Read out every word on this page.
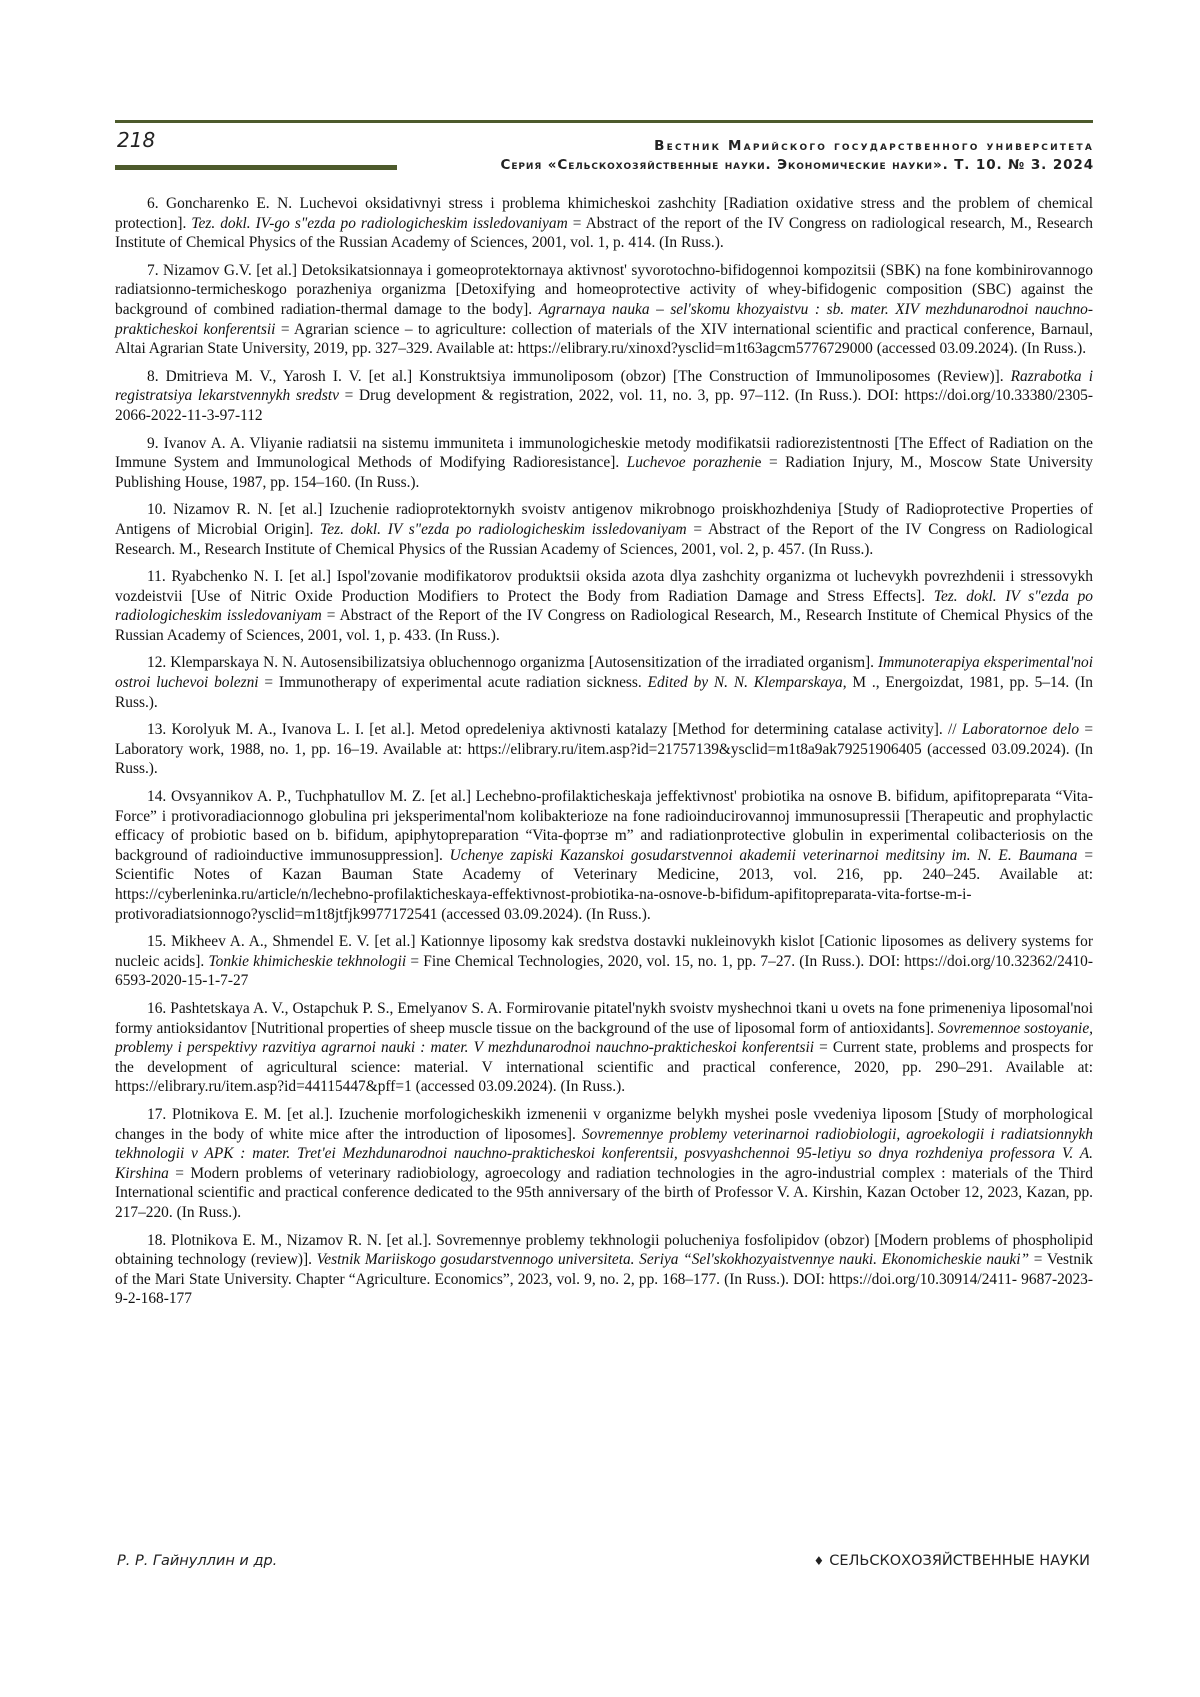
218	Вестник Марийского государственного университета

Серия «Сельскохозяйственные науки. Экономические науки». Т. 10. № 3. 2024

6. Goncharenko E. N. Luchevoi oksidativnyi stress i problema khimicheskoi zashchity [Radiation oxidative stress and the problem of chemical protection]. Tez. dokl. IV-go s"ezda po radiologicheskim issledovaniyam = Abstract of the report of the IV Congress on radiological research, M., Research Institute of Chemical Physics of the Russian Academy of Sciences, 2001, vol. 1, p. 414. (In Russ.).
7. Nizamov G.V. [et al.] Detoksikatsionnaya i gomeoprotektornaya aktivnost' syvorotochno-bifidogennoi kompozitsii (SBK) na fone kombinirovannogo radiatsionno-termicheskogo porazheniya organizma [Detoxifying and homeoprotective activity of whey-bifidogenic composition (SBC) against the background of combined radiation-thermal damage to the body]. Agrarnaya nauka – sel'skomu khozyaistvu : sb. mater. XIV mezhdunarodnoi nauchno-prakticheskoi konferentsii = Agrarian science – to agriculture: collection of materials of the XIV international scientific and practical conference, Barnaul, Altai Agrarian State University, 2019, pp. 327–329. Available at: https://elibrary.ru/xinoxd?ysclid=m1t63agcm5776729000 (accessed 03.09.2024). (In Russ.).
8. Dmitrieva M. V., Yarosh I. V. [et al.] Konstruktsiya immunoliposom (obzor) [The Construction of Immunoliposomes (Review)]. Razrabotka i registratsiya lekarstvennykh sredstv = Drug development & registration, 2022, vol. 11, no. 3, pp. 97–112. (In Russ.). DOI: https://doi.org/10.33380/2305-2066-2022-11-3-97-112
9. Ivanov A. A. Vliyanie radiatsii na sistemu immuniteta i immunologicheskie metody modifikatsii radiorezistentnosti [The Effect of Radiation on the Immune System and Immunological Methods of Modifying Radioresistance]. Luchevoe porazhenie = Radiation Injury, M., Moscow State University Publishing House, 1987, pp. 154–160. (In Russ.).
10. Nizamov R. N. [et al.] Izuchenie radioprotektornykh svoistv antigenov mikrobnogo proiskhozhdeniya [Study of Radioprotective Properties of Antigens of Microbial Origin]. Tez. dokl. IV s"ezda po radiologicheskim issledovaniyam = Abstract of the Report of the IV Congress on Radiological Research. M., Research Institute of Chemical Physics of the Russian Academy of Sciences, 2001, vol. 2, p. 457. (In Russ.).
11. Ryabchenko N. I. [et al.] Ispol'zovanie modifikatorov produktsii oksida azota dlya zashchity organizma ot luchevykh povrezhdenii i stressovykh vozdeistvii [Use of Nitric Oxide Production Modifiers to Protect the Body from Radiation Damage and Stress Effects]. Tez. dokl. IV s"ezda po radiologicheskim issledovaniyam = Abstract of the Report of the IV Congress on Radiological Research, M., Research Institute of Chemical Physics of the Russian Academy of Sciences, 2001, vol. 1, p. 433. (In Russ.).
12. Klemparskaya N. N. Autosensibilizatsiya obluchennogo organizma [Autosensitization of the irradiated organism]. Immunoterapiya eksperimental'noi ostroi luchevoi bolezni = Immunotherapy of experimental acute radiation sickness. Edited by N. N. Klemparskaya, M ., Energoizdat, 1981, pp. 5–14. (In Russ.).
13. Korolyuk M. A., Ivanova L. I. [et al.]. Metod opredeleniya aktivnosti katalazy [Method for determining catalase activity]. // Laboratornoe delo = Laboratory work, 1988, no. 1, pp. 16–19. Available at: https://elibrary.ru/item.asp?id=21757139&ysclid=m1t8a9ak79251906405 (accessed 03.09.2024). (In Russ.).
14. Ovsyannikov A. P., Tuchphatullov M. Z. [et al.] Lechebno-profilakticheskaja jeffektivnost' probiotika na osnove B. bifidum, apifitopreparata “Vita-Force” i protivoradiacionnogo globulina pri jeksperimental'nom kolibakterioze na fone radioinducirovannoj immunosupressii [Therapeutic and prophylactic efficacy of probiotic based on b. bifidum, apiphytopreparation “Vita-фортзе m” and radiationprotective globulin in experimental colibacteriosis on the background of radioinductive immunosuppression]. Uchenye zapiski Kazanskoi gosudarstvennoi akademii veterinarnoi meditsiny im. N. E. Baumana = Scientific Notes of Kazan Bauman State Academy of Veterinary Medicine, 2013, vol. 216, pp. 240–245. Available at: https://cyberleninka.ru/article/n/lechebno-profilakticheskaya-effektivnost-probiotika-na-osnove-b-bifidum-apifitopreparata-vita-fortse-m-i-protivoradiatsionnogo?ysclid=m1t8jtfjk9977172541 (accessed 03.09.2024). (In Russ.).
15. Mikheev A. A., Shmendel E. V. [et al.] Kationnye liposomy kak sredstva dostavki nukleinovykh kislot [Cationic liposomes as delivery systems for nucleic acids]. Tonkie khimicheskie tekhnologii = Fine Chemical Technologies, 2020, vol. 15, no. 1, pp. 7–27. (In Russ.). DOI: https://doi.org/10.32362/2410-6593-2020-15-1-7-27
16. Pashtetskaya A. V., Ostapchuk P. S., Emelyanov S. A. Formirovanie pitatel'nykh svoistv myshechnoi tkani u ovets na fone primeneniya liposomal'noi formy antioksidantov [Nutritional properties of sheep muscle tissue on the background of the use of liposomal form of antioxidants]. Sovremennoe sostoyanie, problemy i perspektivy razvitiya agrarnoi nauki : mater. V mezhdunarodnoi nauchno-prakticheskoi konferentsii = Current state, problems and prospects for the development of agricultural science: material. V international scientific and practical conference, 2020, pp. 290–291. Available at: https://elibrary.ru/item.asp?id=44115447&pff=1 (accessed 03.09.2024). (In Russ.).
17. Plotnikova E. M. [et al.]. Izuchenie morfologicheskikh izmenenii v organizme belykh myshei posle vvedeniya liposom [Study of morphological changes in the body of white mice after the introduction of liposomes]. Sovremennye problemy veterinarnoi radiobiologii, agroekologii i radiatsionnykh tekhnologii v APK : mater. Tret'ei Mezhdunarodnoi nauchno-prakticheskoi konferentsii, posvyashchennoi 95-letiyu so dnya rozhdeniya professora V. A. Kirshina = Modern problems of veterinary radiobiology, agroecology and radiation technologies in the agro-industrial complex : materials of the Third International scientific and practical conference dedicated to the 95th anniversary of the birth of Professor V. A. Kirshin, Kazan October 12, 2023, Kazan, pp. 217–220. (In Russ.).
18. Plotnikova E. M., Nizamov R. N. [et al.]. Sovremennye problemy tekhnologii polucheniya fosfolipidov (obzor) [Modern problems of phospholipid obtaining technology (review)]. Vestnik Mariiskogo gosudarstvennogo universiteta. Seriya “Sel'skokhozyaistvennye nauki. Ekonomicheskie nauki” = Vestnik of the Mari State University. Chapter “Agriculture. Economics”, 2023, vol. 9, no. 2, pp. 168–177. (In Russ.). DOI: https://doi.org/10.30914/2411- 9687-2023-9-2-168-177

Р. Р. Гайнуллин и др.	♦ СЕЛЬСКОХОЗЯЙСТВЕННЫЕ НАУКИ
